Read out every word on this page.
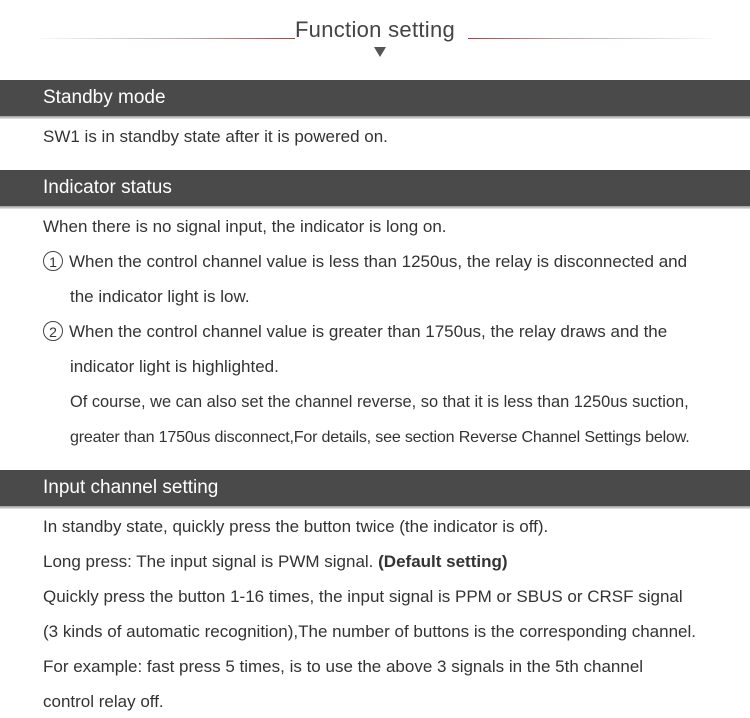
Function setting
Standby mode
SW1 is in standby state after it is powered on.
Indicator status
When there is no signal input, the indicator is long on.
1 When the control channel value is less than 1250us, the relay is disconnected and
the indicator light is low.
2 When the control channel value is greater than 1750us, the relay draws and the
indicator light is highlighted.
Of course, we can also set the channel reverse, so that it is less than 1250us suction,
greater than 1750us disconnect,For details, see section Reverse Channel Settings below.
Input channel setting
In standby state, quickly press the button twice (the indicator is off).
Long press: The input signal is PWM signal. (Default setting)
Quickly press the button 1-16 times, the input signal is PPM or SBUS or CRSF signal
(3 kinds of automatic recognition),The number of buttons is the corresponding channel.
For example: fast press 5 times, is to use the above 3 signals in the 5th channel
control relay off.
